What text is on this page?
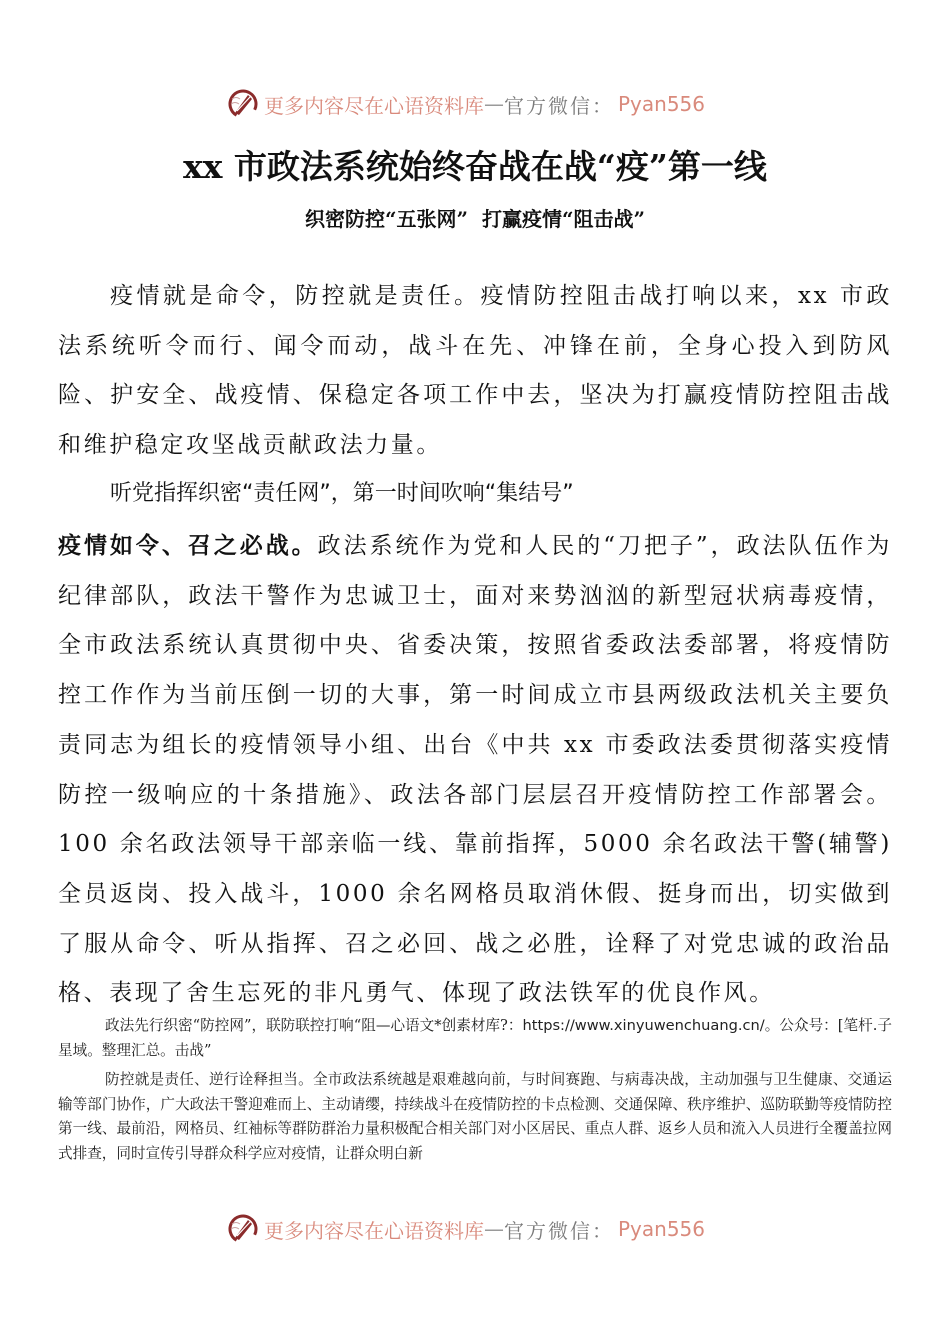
更多内容尽在心语资料库 — 官方微信： Pyan556
xx 市政法系统始终奋战在战“疫”第一线
织密防控“五张网”  打赢疫情“阻击战”
疫情就是命令，防控就是责任。疫情防控阻击战打响以来，xx 市政法系统听令而行、闻令而动，战斗在先、冲锋在前，全身心投入到防风险、护安全、战疫情、保稳定各项工作中去，坚决为打赢疫情防控阻击战和维护稳定攻坚战贡献政法力量。
听党指挥织密“责任网”，第一时间吹响“集结号”
疫情如令、召之必战。政法系统作为党和人民的“刀把子”，政法队伍作为纪律部队，政法干警作为忠诚卫士，面对来势汹汹的新型冠状病毒疫情，全市政法系统认真贯彻中央、省委决策，按照省委政法委部署，将疫情防控工作作为当前压倒一切的大事，第一时间成立市县两级政法机关主要负责同志为组长的疫情领导小组、出台《中共 xx 市委政法委贯彻落实疫情防控一级响应的十条措施》、政法各部门层层召开疫情防控工作部署会。100 余名政法领导干部亲临一线、靠前指挥，5000 余名政法干警(辅警)全员返岗、投入战斗，1000 余名网格员取消休假、挺身而出，切实做到了服从命令、听从指挥、召之必回、战之必胜，诠释了对党忠诚的政治品格、表现了舍生忘死的非凡勇气、体现了政法铁军的优良作风。
政法先行织密“防控网”，联防联控打响“阻—心语文*创素材库?：https://www.xinyuwenchuang.cn/。公众号：[笔杆.子星域。整理汇总。击战”
防控就是责任、逆行诠释担当。全市政法系统越是艰难越向前，与时间赛跑、与病毒决战，主动加强与卫生健康、交通运输等部门协作，广大政法干警迎难而上、主动请缨，持续战斗在疫情防控的卡点检测、交通保障、秩序维护、巡防联勤等疫情防控第一线、最前沿，网格员、红袖标等群防群治力量积极配合相关部门对小区居民、重点人群、返乡人员和流入人员进行全覆盖拉网式排查，同时宣传引导群众科学应对疫情，让群众明白新
更多内容尽在心语资料库 — 官方微信： Pyan556
